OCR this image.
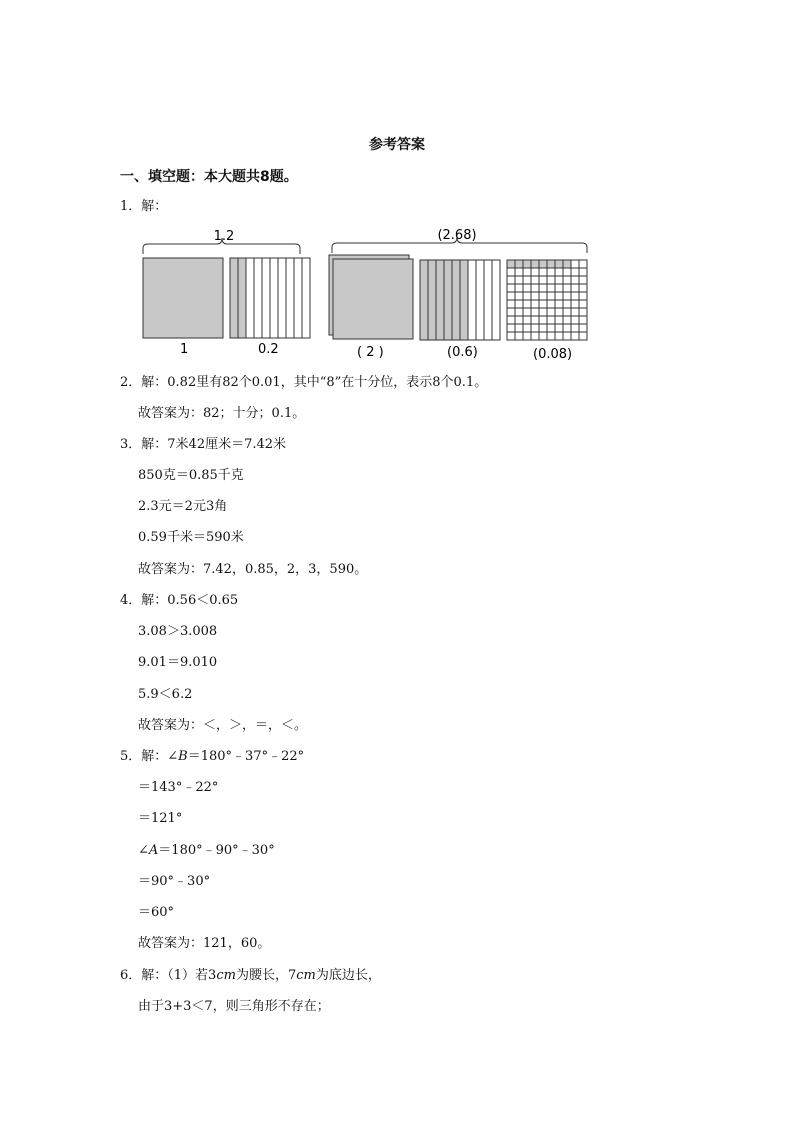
参考答案
一、填空题：本大题共8题。
1．解：
1.2
1	0.2
(2.68)
( 2 )	(0.6)	(0.08)
2．解：0.82里有82个0.01，其中“8”在十分位，表示8个0.1。
故答案为：82；十分；0.1。
3．解：7米42厘米＝7.42米
850克＝0.85千克
2.3元＝2元3角
0.59千米＝590米
故答案为：7.42，0.85，2，3，590。
4．解：0.56＜0.65
3.08＞3.008
9.01＝9.010
5.9＜6.2
故答案为：＜，＞，＝，＜。
5．解：∠B＝180°﹣37°﹣22°
＝143°﹣22°
＝121°
∠A＝180°﹣90°﹣30°
＝90°﹣30°
＝60°
故答案为：121，60。
6．解：（1）若3cm为腰长，7cm为底边长，
由于3+3＜7，则三角形不存在；
